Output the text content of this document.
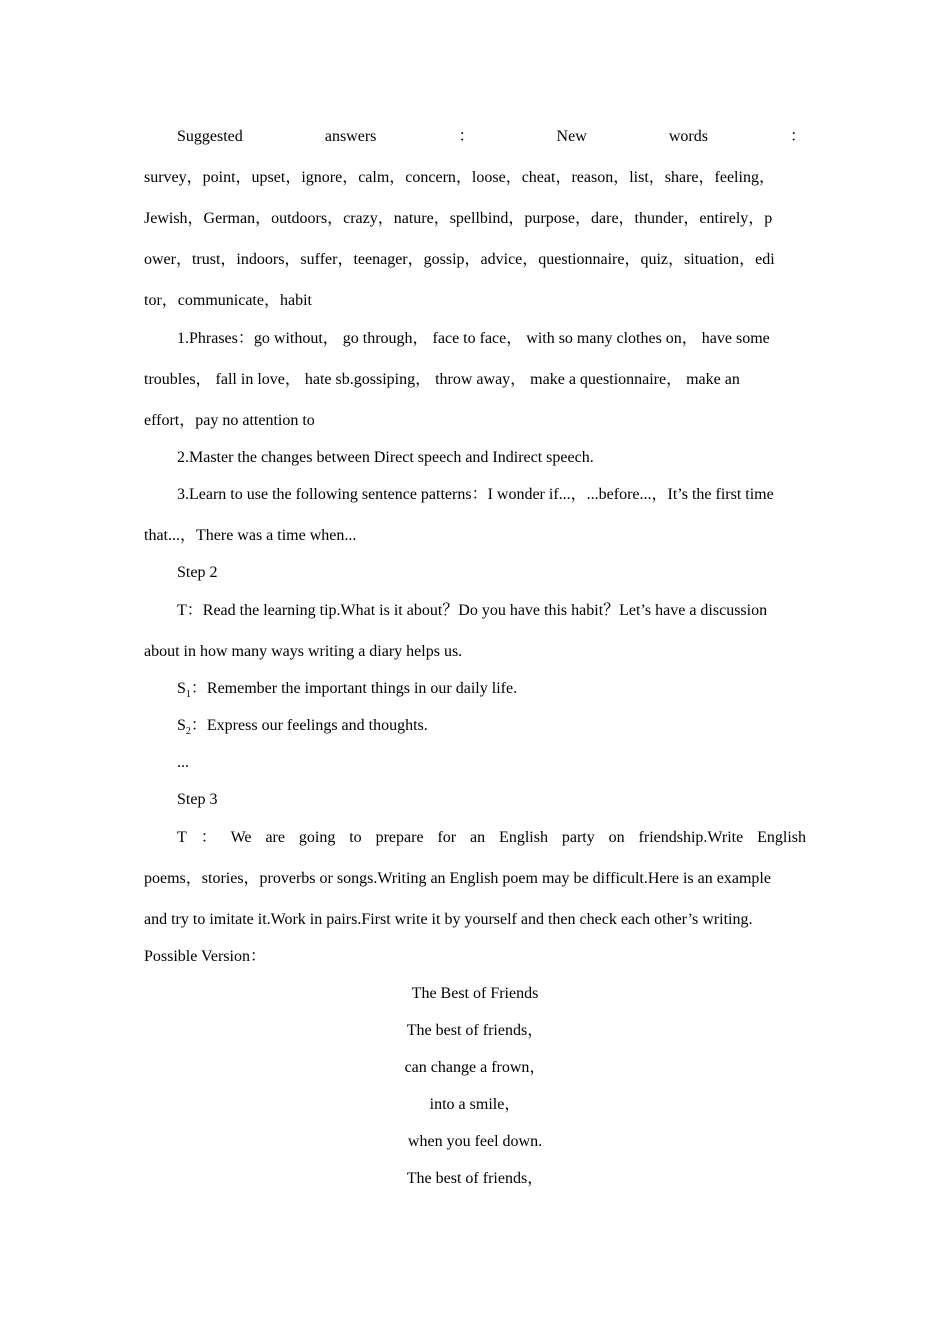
Suggested	answers	：	New	words	：
survey，point，upset，ignore，calm，concern，loose，cheat，reason，list，share，feeling，
Jewish，German，outdoors，crazy，nature，spellbind，purpose，dare，thunder，entirely，p
ower，trust，indoors，suffer，teenager，gossip，advice，questionnaire，quiz，situation，edi
tor，communicate，habit
1.Phrases：go without， go through， face to face， with so many clothes on， have some
troubles， fall in love， hate sb.gossiping， throw away， make a questionnaire， make an
effort，pay no attention to
2.Master the changes between Direct speech and Indirect speech.
3.Learn to use the following sentence patterns：I wonder if...，...before...，It’s the first time
that...，There was a time when...
Step 2
T：Read the learning tip.What is it about？Do you have this habit？Let’s have a discussion
about in how many ways writing a diary helps us.
$S_1$：Remember the important things in our daily life.
$S_2$：Express our feelings and thoughts.
...
Step 3
T ： We are going to prepare for an English party on friendship.Write English
poems，stories，proverbs or songs.Writing an English poem may be difficult.Here is an example
and try to imitate it.Work in pairs.First write it by yourself and then check each other’s writing.
Possible Version：
The Best of Friends
The best of friends，
can change a frown，
into a smile，
when you feel down.
The best of friends，
